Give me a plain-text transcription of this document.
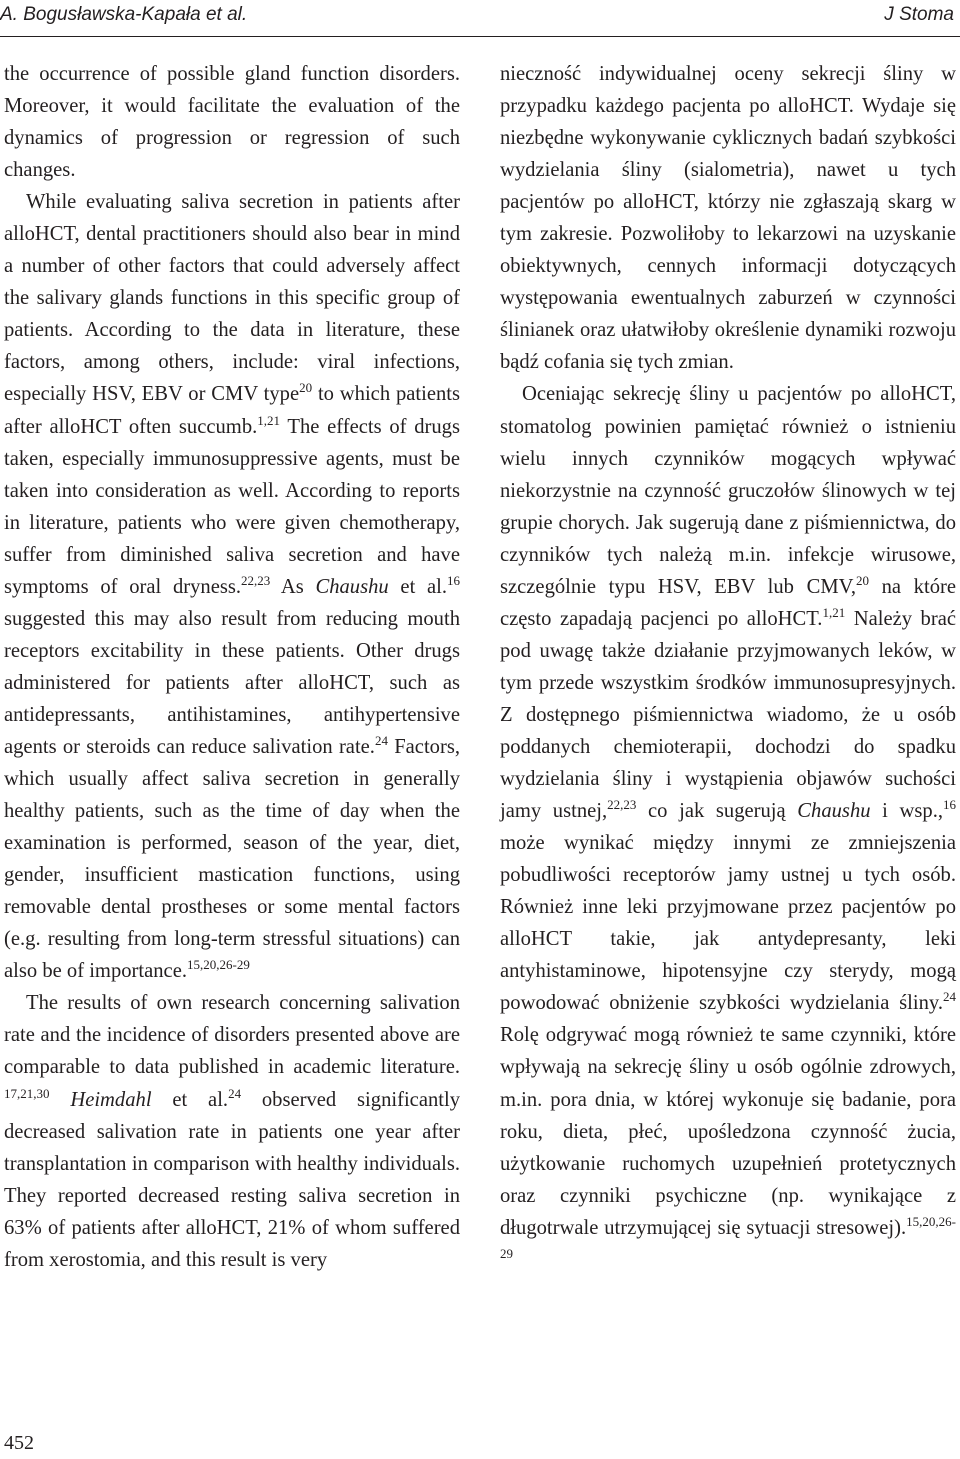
A. Bogusławska-Kapała et al.	J Stoma

the occurrence of possible gland function disorders. Moreover, it would facilitate the evaluation of the dynamics of progression or regression of such changes.

While evaluating saliva secretion in patients after alloHCT, dental practitioners should also bear in mind a number of other factors that could adversely affect the salivary glands functions in this specific group of patients. According to the data in literature, these factors, among others, include: viral infections, especially HSV, EBV or CMV type$^{20}$ to which patients after alloHCT often succumb.$^{1,21}$ The effects of drugs taken, especially immunosuppressive agents, must be taken into consideration as well. According to reports in literature, patients who were given chemotherapy, suffer from diminished saliva secretion and have symptoms of oral dryness.$^{22,23}$ As Chaushu et al.$^{16}$ suggested this may also result from reducing mouth receptors excitability in these patients. Other drugs administered for patients after alloHCT, such as antidepressants, antihistamines, antihypertensive agents or steroids can reduce salivation rate.$^{24}$ Factors, which usually affect saliva secretion in generally healthy patients, such as the time of day when the examination is performed, season of the year, diet, gender, insufficient mastication functions, using removable dental prostheses or some mental factors (e.g. resulting from long-term stressful situations) can also be of importance.$^{15,20,26-29}$

The results of own research concerning salivation rate and the incidence of disorders presented above are comparable to data published in academic literature. $^{17,21,30}$ Heimdahl et al.$^{24}$ observed significantly decreased salivation rate in patients one year after transplantation in comparison with healthy individuals. They reported decreased resting saliva secretion in 63% of patients after alloHCT, 21% of whom suffered from xerostomia, and this result is very

nieczność indywidualnej oceny sekrecji śliny w przypadku każdego pacjenta po alloHCT. Wydaje się niezbędne wykonywanie cyklicznych badań szybkości wydzielania śliny (sialometria), nawet u tych pacjentów po alloHCT, którzy nie zgłaszają skarg w tym zakresie. Pozwoliłoby to lekarzowi na uzyskanie obiektywnych, cennych informacji dotyczących występowania ewentualnych zaburzeń w czynności ślinianek oraz ułatwiłoby określenie dynamiki rozwoju bądź cofania się tych zmian.

Oceniając sekrecję śliny u pacjentów po alloHCT, stomatolog powinien pamiętać również o istnieniu wielu innych czynników mogących wpływać niekorzystnie na czynność gruczołów ślinowych w tej grupie chorych. Jak sugerują dane z piśmiennictwa, do czynników tych należą m.in. infekcje wirusowe, szczególnie typu HSV, EBV lub CMV,$^{20}$ na które często zapadają pacjenci po alloHCT.$^{1,21}$ Należy brać pod uwagę także działanie przyjmowanych leków, w tym przede wszystkim środków immunosupresyjnych. Z dostępnego piśmiennictwa wiadomo, że u osób poddanych chemioterapii, dochodzi do spadku wydzielania śliny i wystąpienia objawów suchości jamy ustnej,$^{22,23}$ co jak sugerują Chaushu i wsp.,$^{16}$ może wynikać między innymi ze zmniejszenia pobudliwości receptorów jamy ustnej u tych osób. Również inne leki przyjmowane przez pacjentów po alloHCT takie, jak antydepresanty, leki antyhistaminowe, hipotensyjne czy sterydy, mogą powodować obniżenie szybkości wydzielania śliny.$^{24}$ Rolę odgrywać mogą również te same czynniki, które wpływają na sekrecję śliny u osób ogólnie zdrowych, m.in. pora dnia, w której wykonuje się badanie, pora roku, dieta, płeć, upośledzona czynność żucia, użytkowanie ruchomych uzupełnień protetycznych oraz czynniki psychiczne (np. wynikające z długotrwale utrzymującej się sytuacji stresowej).$^{15,20,26-29}$

452
